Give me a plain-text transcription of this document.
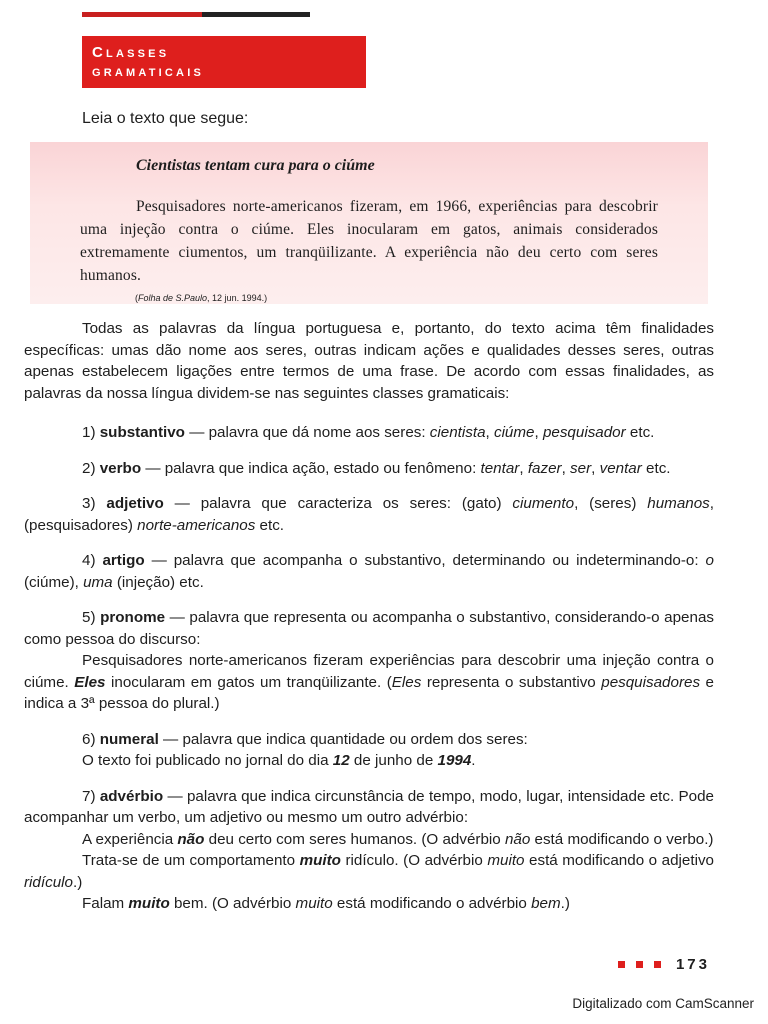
Classes
gramaticais

Leia o texto que segue:

Cientistas tentam cura para o ciúme

Pesquisadores norte-americanos fizeram, em 1966, experiências para descobrir uma injeção contra o ciúme. Eles inocularam em gatos, animais considerados extremamente ciumentos, um tranqüilizante. A experiência não deu certo com seres humanos.

(Folha de S.Paulo, 12 jun. 1994.)

Todas as palavras da língua portuguesa e, portanto, do texto acima têm finalidades específicas: umas dão nome aos seres, outras indicam ações e qualidades desses seres, outras apenas estabelecem ligações entre termos de uma frase. De acordo com essas finalidades, as palavras da nossa língua dividem-se nas seguintes classes gramaticais:

1) substantivo — palavra que dá nome aos seres: cientista, ciúme, pesquisador etc.

2) verbo — palavra que indica ação, estado ou fenômeno: tentar, fazer, ser, ventar etc.

3) adjetivo — palavra que caracteriza os seres: (gato) ciumento, (seres) humanos, (pesquisadores) norte-americanos etc.

4) artigo — palavra que acompanha o substantivo, determinando ou indeterminando-o: o (ciúme), uma (injeção) etc.

5) pronome — palavra que representa ou acompanha o substantivo, considerando-o apenas como pessoa do discurso:

Pesquisadores norte-americanos fizeram experiências para descobrir uma injeção contra o ciúme. Eles inocularam em gatos um tranqüilizante. (Eles representa o substantivo pesquisadores e indica a 3ª pessoa do plural.)

6) numeral — palavra que indica quantidade ou ordem dos seres:

O texto foi publicado no jornal do dia 12 de junho de 1994.

7) advérbio — palavra que indica circunstância de tempo, modo, lugar, intensidade etc. Pode acompanhar um verbo, um adjetivo ou mesmo um outro advérbio:

A experiência não deu certo com seres humanos. (O advérbio não está modificando o verbo.)

Trata-se de um comportamento muito ridículo. (O advérbio muito está modificando o adjetivo ridículo.)

Falam muito bem. (O advérbio muito está modificando o advérbio bem.)

173
Digitalizado com CamScanner
